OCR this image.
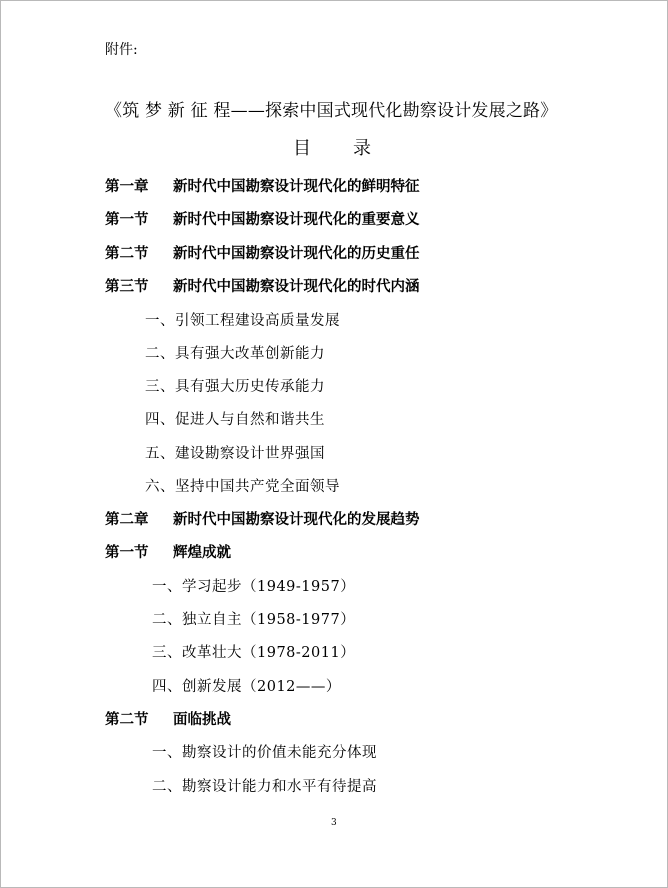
附件:
《筑 梦 新 征 程——探索中国式现代化勘察设计发展之路》
目录
第一章 新时代中国勘察设计现代化的鲜明特征
第一节 新时代中国勘察设计现代化的重要意义
第二节 新时代中国勘察设计现代化的历史重任
第三节 新时代中国勘察设计现代化的时代内涵
一、引领工程建设高质量发展
二、具有强大改革创新能力
三、具有强大历史传承能力
四、促进人与自然和谐共生
五、建设勘察设计世界强国
六、坚持中国共产党全面领导
第二章 新时代中国勘察设计现代化的发展趋势
第一节 辉煌成就
一、学习起步（1949-1957）
二、独立自主（1958-1977）
三、改革壮大（1978-2011）
四、创新发展（2012——）
第二节 面临挑战
一、勘察设计的价值未能充分体现
二、勘察设计能力和水平有待提高
3
